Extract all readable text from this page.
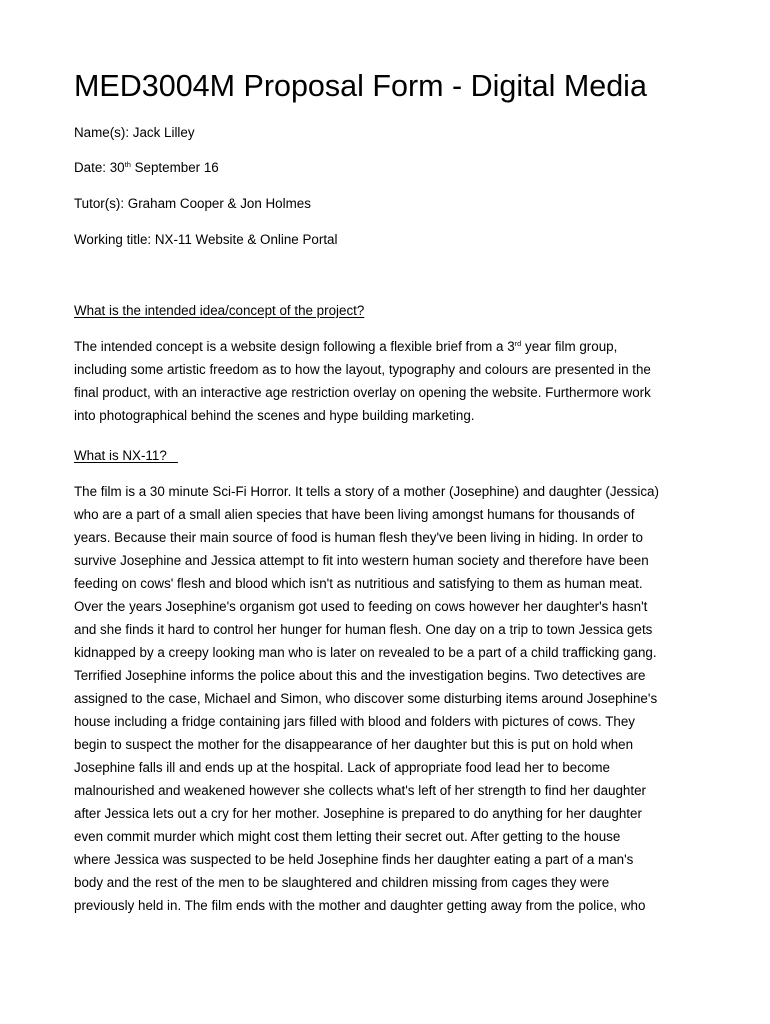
MED3004M Proposal Form - Digital Media

Name(s): Jack Lilley

Date: 30th September 16

Tutor(s): Graham Cooper & Jon Holmes

Working title: NX-11 Website & Online Portal

What is the intended idea/concept of the project?

The intended concept is a website design following a flexible brief from a 3rd year film group,
including some artistic freedom as to how the layout, typography and colours are presented in the
final product, with an interactive age restriction overlay on opening the website. Furthermore work
into photographical behind the scenes and hype building marketing.

What is NX-11?

The film is a 30 minute Sci-Fi Horror. It tells a story of a mother (Josephine) and daughter (Jessica)
who are a part of a small alien species that have been living amongst humans for thousands of
years. Because their main source of food is human flesh they've been living in hiding. In order to
survive Josephine and Jessica attempt to fit into western human society and therefore have been
feeding on cows' flesh and blood which isn't as nutritious and satisfying to them as human meat.
Over the years Josephine's organism got used to feeding on cows however her daughter's hasn't
and she finds it hard to control her hunger for human flesh. One day on a trip to town Jessica gets
kidnapped by a creepy looking man who is later on revealed to be a part of a child trafficking gang.
Terrified Josephine informs the police about this and the investigation begins. Two detectives are
assigned to the case, Michael and Simon, who discover some disturbing items around Josephine's
house including a fridge containing jars filled with blood and folders with pictures of cows. They
begin to suspect the mother for the disappearance of her daughter but this is put on hold when
Josephine falls ill and ends up at the hospital. Lack of appropriate food lead her to become
malnourished and weakened however she collects what's left of her strength to find her daughter
after Jessica lets out a cry for her mother. Josephine is prepared to do anything for her daughter
even commit murder which might cost them letting their secret out. After getting to the house
where Jessica was suspected to be held Josephine finds her daughter eating a part of a man's
body and the rest of the men to be slaughtered and children missing from cages they were
previously held in. The film ends with the mother and daughter getting away from the police, who
